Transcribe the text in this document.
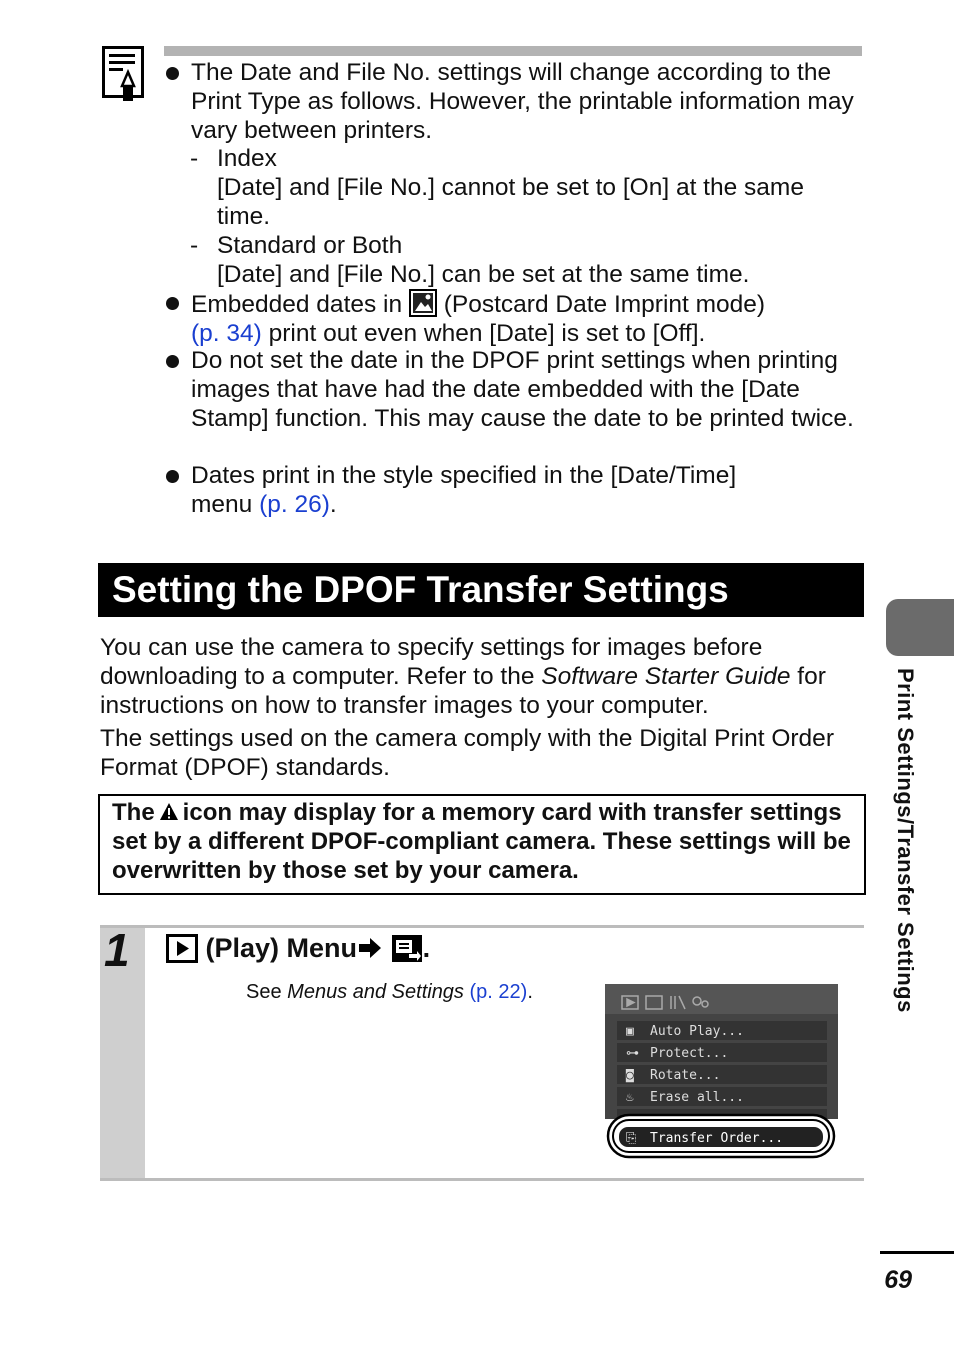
The Date and File No. settings will change according to the Print Type as follows. However, the printable information may vary between printers.
- Index
[Date] and [File No.] cannot be set to [On] at the same time.
- Standard or Both
[Date] and [File No.] can be set at the same time.
Embedded dates in  (Postcard Date Imprint mode)
(p. 34) print out even when [Date] is set to [Off].
Do not set the date in the DPOF print settings when printing images that have had the date embedded with the [Date Stamp] function. This may cause the date to be printed twice.
Dates print in the style specified in the [Date/Time] menu (p. 26).
Setting the DPOF Transfer Settings
You can use the camera to specify settings for images before downloading to a computer. Refer to the Software Starter Guide for instructions on how to transfer images to your computer.
The settings used on the camera comply with the Digital Print Order Format (DPOF) standards.
The icon may display for a memory card with transfer settings set by a different DPOF-compliant camera. These settings will be overwritten by those set by your camera.
1	(Play) Menu .
See Menus and Settings (p. 22).
▣ Auto Play...
⊶ Protect...
◙ Rotate...
♨ Erase all...
⎘ Transfer Order...
Print Settings/Transfer Settings
69
